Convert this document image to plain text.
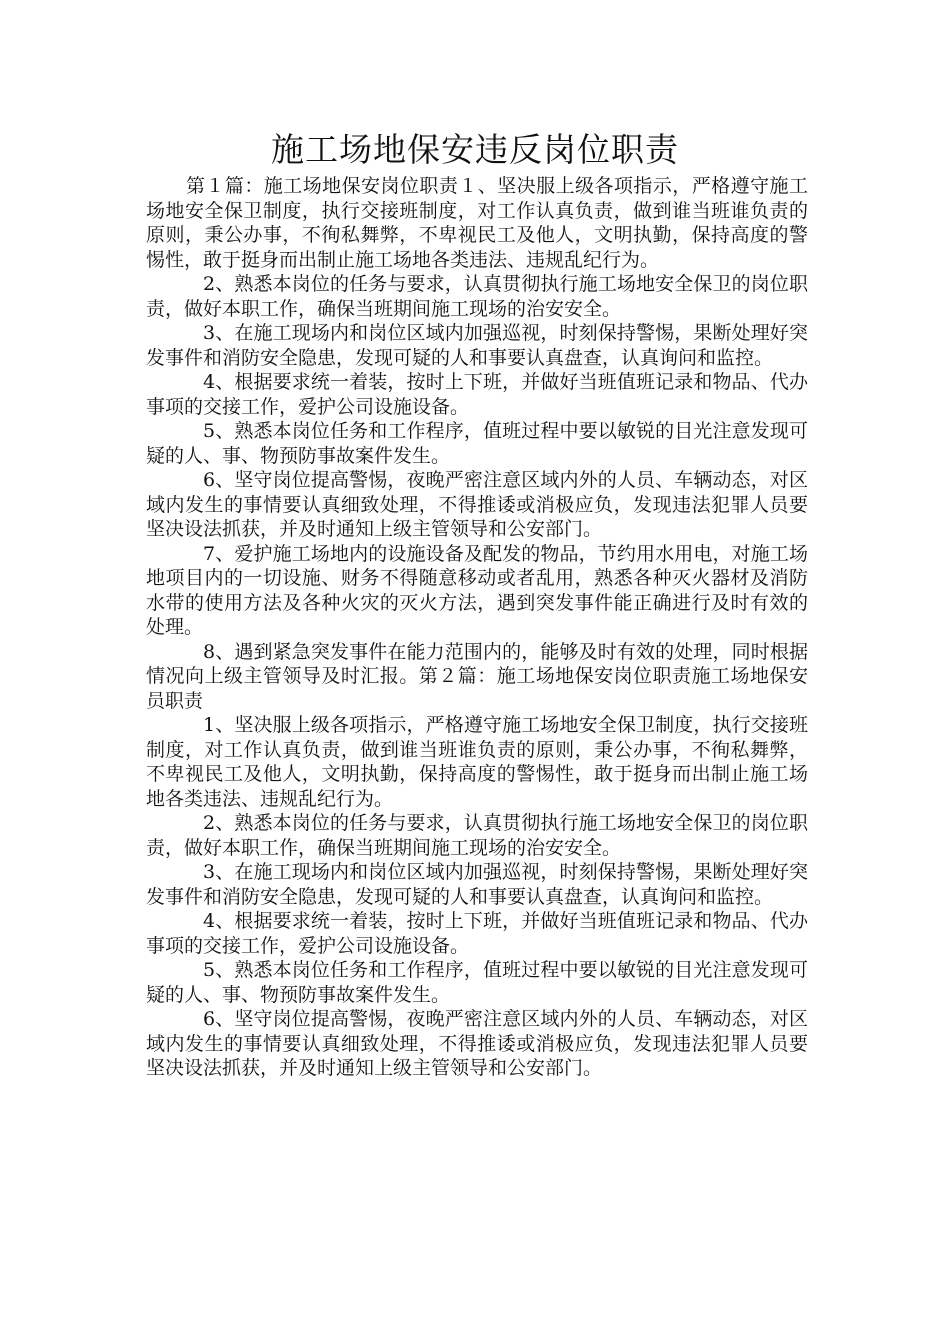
施工场地保安违反岗位职责

第１篇：施工场地保安岗位职责１、坚决服上级各项指示，严格遵守施工场地安全保卫制度，执行交接班制度，对工作认真负责，做到谁当班谁负责的原则，秉公办事，不徇私舞弊，不卑视民工及他人，文明执勤，保持高度的警惕性，敢于挺身而出制止施工场地各类违法、违规乱纪行为。

2、熟悉本岗位的任务与要求，认真贯彻执行施工场地安全保卫的岗位职责，做好本职工作，确保当班期间施工现场的治安安全。

3、在施工现场内和岗位区域内加强巡视，时刻保持警惕，果断处理好突发事件和消防安全隐患，发现可疑的人和事要认真盘查，认真询问和监控。

4、根据要求统一着装，按时上下班，并做好当班值班记录和物品、代办事项的交接工作，爱护公司设施设备。

5、熟悉本岗位任务和工作程序，值班过程中要以敏锐的目光注意发现可疑的人、事、物预防事故案件发生。

6、坚守岗位提高警惕，夜晚严密注意区域内外的人员、车辆动态，对区域内发生的事情要认真细致处理，不得推诿或消极应负，发现违法犯罪人员要坚决设法抓获，并及时通知上级主管领导和公安部门。

7、爱护施工场地内的设施设备及配发的物品，节约用水用电，对施工场地项目内的一切设施、财务不得随意移动或者乱用，熟悉各种灭火器材及消防水带的使用方法及各种火灾的灭火方法，遇到突发事件能正确进行及时有效的处理。

8、遇到紧急突发事件在能力范围内的，能够及时有效的处理，同时根据情况向上级主管领导及时汇报。第２篇：施工场地保安岗位职责施工场地保安员职责

1、坚决服上级各项指示，严格遵守施工场地安全保卫制度，执行交接班制度，对工作认真负责，做到谁当班谁负责的原则，秉公办事，不徇私舞弊，不卑视民工及他人，文明执勤，保持高度的警惕性，敢于挺身而出制止施工场地各类违法、违规乱纪行为。

2、熟悉本岗位的任务与要求，认真贯彻执行施工场地安全保卫的岗位职责，做好本职工作，确保当班期间施工现场的治安安全。

3、在施工现场内和岗位区域内加强巡视，时刻保持警惕，果断处理好突发事件和消防安全隐患，发现可疑的人和事要认真盘查，认真询问和监控。

4、根据要求统一着装，按时上下班，并做好当班值班记录和物品、代办事项的交接工作，爱护公司设施设备。

5、熟悉本岗位任务和工作程序，值班过程中要以敏锐的目光注意发现可疑的人、事、物预防事故案件发生。

6、坚守岗位提高警惕，夜晚严密注意区域内外的人员、车辆动态，对区域内发生的事情要认真细致处理，不得推诿或消极应负，发现违法犯罪人员要坚决设法抓获，并及时通知上级主管领导和公安部门。
